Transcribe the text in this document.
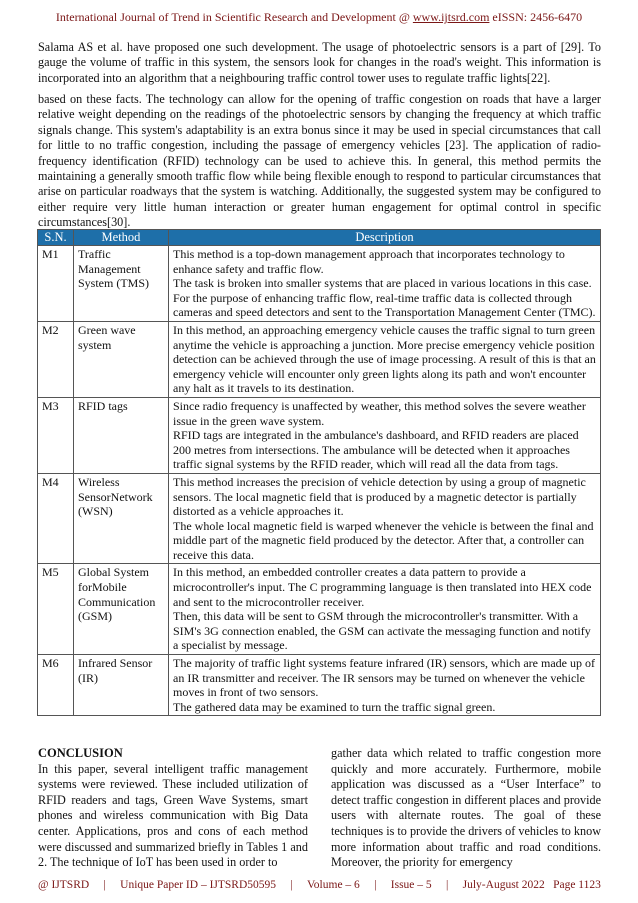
International Journal of Trend in Scientific Research and Development @ www.ijtsrd.com eISSN: 2456-6470

Salama AS et al. have proposed one such development. The usage of photoelectric sensors is a part of [29]. To gauge the volume of traffic in this system, the sensors look for changes in the road's weight. This information is incorporated into an algorithm that a neighbouring traffic control tower uses to regulate traffic lights[22].

based on these facts. The technology can allow for the opening of traffic congestion on roads that have a larger relative weight depending on the readings of the photoelectric sensors by changing the frequency at which traffic signals change. This system's adaptability is an extra bonus since it may be used in special circumstances that call for little to no traffic congestion, including the passage of emergency vehicles [23]. The application of radio-frequency identification (RFID) technology can be used to achieve this. In general, this method permits the maintaining a generally smooth traffic flow while being flexible enough to respond to particular circumstances that arise on particular roadways that the system is watching. Additionally, the suggested system may be configured to either require very little human interaction or greater human engagement for optimal control in specific circumstances[30].

S.N.	Method	Description
M1	Traffic Management System (TMS)	This method is a top-down management approach that incorporates technology to enhance safety and traffic flow.
The task is broken into smaller systems that are placed in various locations in this case. For the purpose of enhancing traffic flow, real-time traffic data is collected through cameras and speed detectors and sent to the Transportation Management Center (TMC).

M2	Green wave system	In this method, an approaching emergency vehicle causes the traffic signal to turn green anytime the vehicle is approaching a junction. More precise emergency vehicle position detection can be achieved through the use of image processing. A result of this is that an emergency vehicle will encounter only green lights along its path and won't encounter any halt as it travels to its destination.

M3	RFID tags	Since radio frequency is unaffected by weather, this method solves the severe weather issue in the green wave system.
RFID tags are integrated in the ambulance's dashboard, and RFID readers are placed 200 metres from intersections. The ambulance will be detected when it approaches traffic signal systems by the RFID reader, which will read all the data from tags.

M4	Wireless SensorNetwork (WSN)	This method increases the precision of vehicle detection by using a group of magnetic sensors. The local magnetic field that is produced by a magnetic detector is partially distorted as a vehicle approaches it.
The whole local magnetic field is warped whenever the vehicle is between the final and middle part of the magnetic field produced by the detector. After that, a controller can receive this data.

M5	Global System forMobile Communication (GSM)	In this method, an embedded controller creates a data pattern to provide a microcontroller's input. The C programming language is then translated into HEX code and sent to the microcontroller receiver.
Then, this data will be sent to GSM through the microcontroller's transmitter. With a SIM's 3G connection enabled, the GSM can activate the messaging function and notify a specialist by message.

M6	Infrared Sensor (IR)	The majority of traffic light systems feature infrared (IR) sensors, which are made up of an IR transmitter and receiver. The IR sensors may be turned on whenever the vehicle moves in front of two sensors.
The gathered data may be examined to turn the traffic signal green.
CONCLUSION
In this paper, several intelligent traffic management systems were reviewed. These included utilization of RFID readers and tags, Green Wave Systems, smart phones and wireless communication with Big Data center. Applications, pros and cons of each method were discussed and summarized briefly in Tables 1 and 2. The technique of IoT has been used in order to
gather data which related to traffic congestion more quickly and more accurately. Furthermore, mobile application was discussed as a “User Interface” to detect traffic congestion in different places and provide users with alternate routes. The goal of these techniques is to provide the drivers of vehicles to know more information about traffic and road conditions. Moreover, the priority for emergency
@ IJTSRD | Unique Paper ID – IJTSRD50595 | Volume – 6 | Issue – 5 | July-August 2022 Page 1123
